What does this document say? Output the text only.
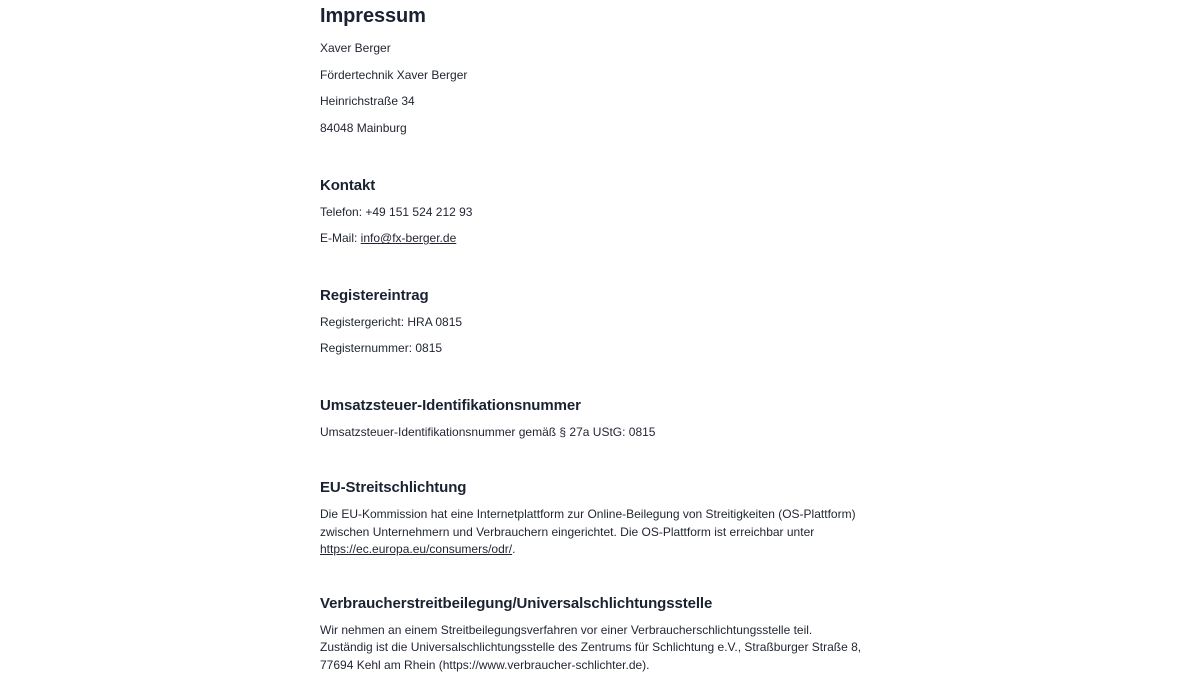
Impressum

Xaver Berger

Fördertechnik Xaver Berger

Heinrichstraße 34

84048 Mainburg

Kontakt

Telefon: +49 151 524 212 93

E-Mail: info@fx-berger.de

Registereintrag

Registergericht: HRA 0815

Registernummer: 0815

Umsatzsteuer-Identifikationsnummer

Umsatzsteuer-Identifikationsnummer gemäß § 27a UStG: 0815

EU-Streitschlichtung

Die EU-Kommission hat eine Internetplattform zur Online-Beilegung von Streitigkeiten (OS-Plattform) zwischen Unternehmern und Verbrauchern eingerichtet. Die OS-Plattform ist erreichbar unter https://ec.europa.eu/consumers/odr/.

Verbraucherstreitbeilegung/Universalschlichtungsstelle

Wir nehmen an einem Streitbeilegungsverfahren vor einer Verbraucherschlichtungsstelle teil. Zuständig ist die Universalschlichtungsstelle des Zentrums für Schlichtung e.V., Straßburger Straße 8, 77694 Kehl am Rhein (https://www.verbraucher-schlichter.de).
